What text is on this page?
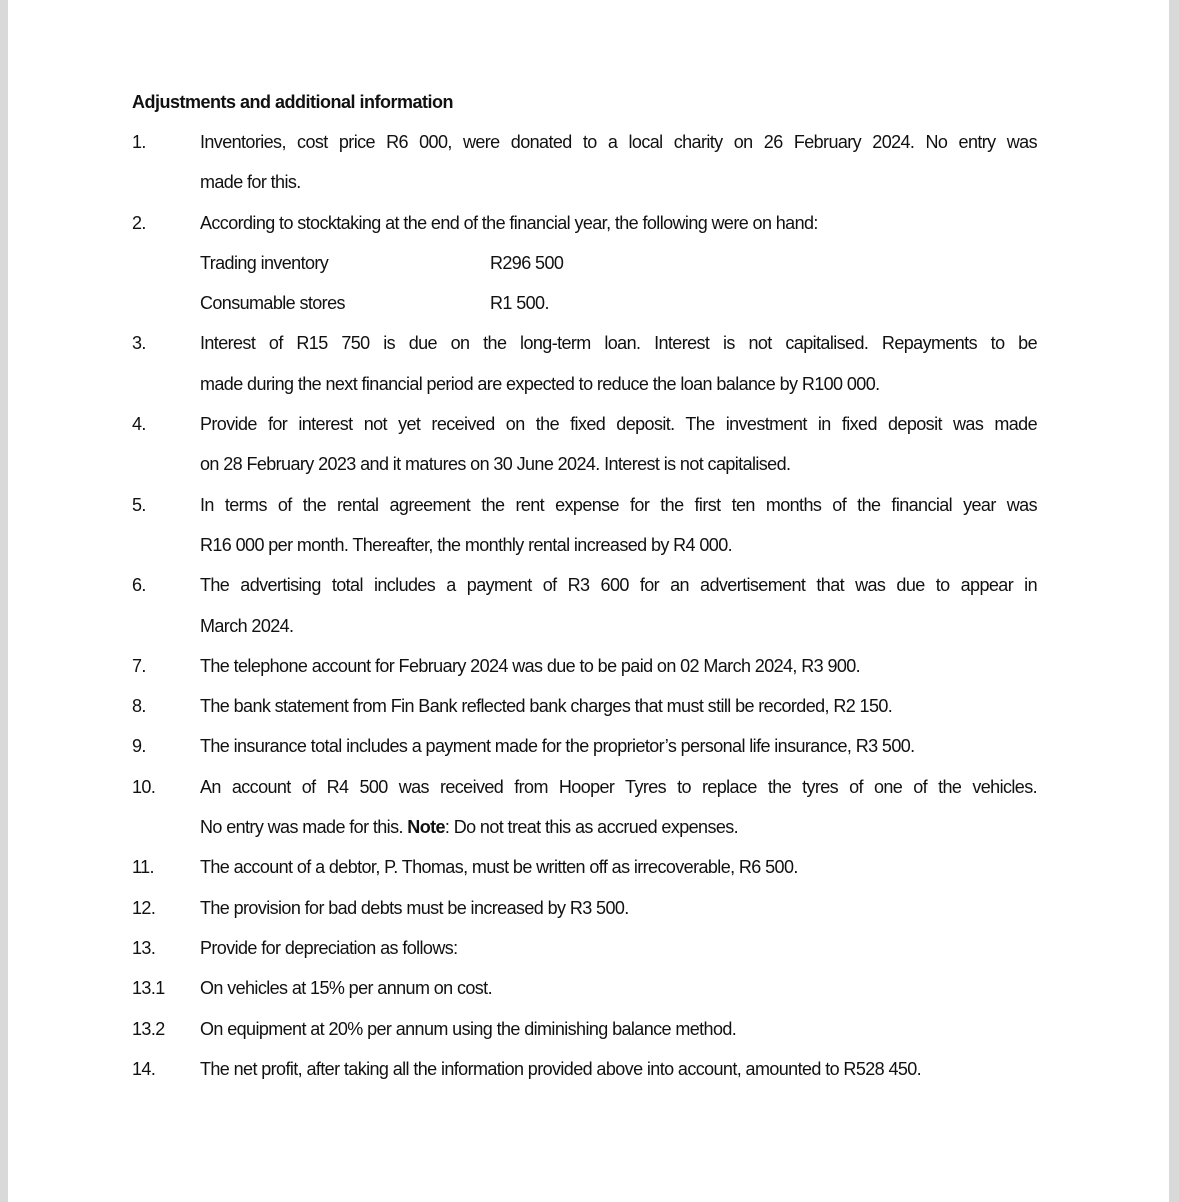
Adjustments and additional information
1.	Inventories, cost price R6 000, were donated to a local charity on 26 February 2024. No entry was
made for this.
2.	According to stocktaking at the end of the financial year, the following were on hand:
Trading inventory	R296 500
Consumable stores	R1 500.
3.	Interest of R15 750 is due on the long-term loan. Interest is not capitalised. Repayments to be
made during the next financial period are expected to reduce the loan balance by R100 000.
4.	Provide for interest not yet received on the fixed deposit. The investment in fixed deposit was made
on 28 February 2023 and it matures on 30 June 2024. Interest is not capitalised.
5.	In terms of the rental agreement the rent expense for the first ten months of the financial year was
R16 000 per month. Thereafter, the monthly rental increased by R4 000.
6.	The advertising total includes a payment of R3 600 for an advertisement that was due to appear in
March 2024.
7.	The telephone account for February 2024 was due to be paid on 02 March 2024, R3 900.
8.	The bank statement from Fin Bank reflected bank charges that must still be recorded, R2 150.
9.	The insurance total includes a payment made for the proprietor’s personal life insurance, R3 500.
10. An account of R4 500 was received from Hooper Tyres to replace the tyres of one of the vehicles.
No entry was made for this. Note: Do not treat this as accrued expenses.
11.	The account of a debtor, P. Thomas, must be written off as irrecoverable, R6 500.
12. The provision for bad debts must be increased by R3 500.
13. Provide for depreciation as follows:
13.1 On vehicles at 15% per annum on cost.
13.2 On equipment at 20% per annum using the diminishing balance method.
14. The net profit, after taking all the information provided above into account, amounted to R528 450.
